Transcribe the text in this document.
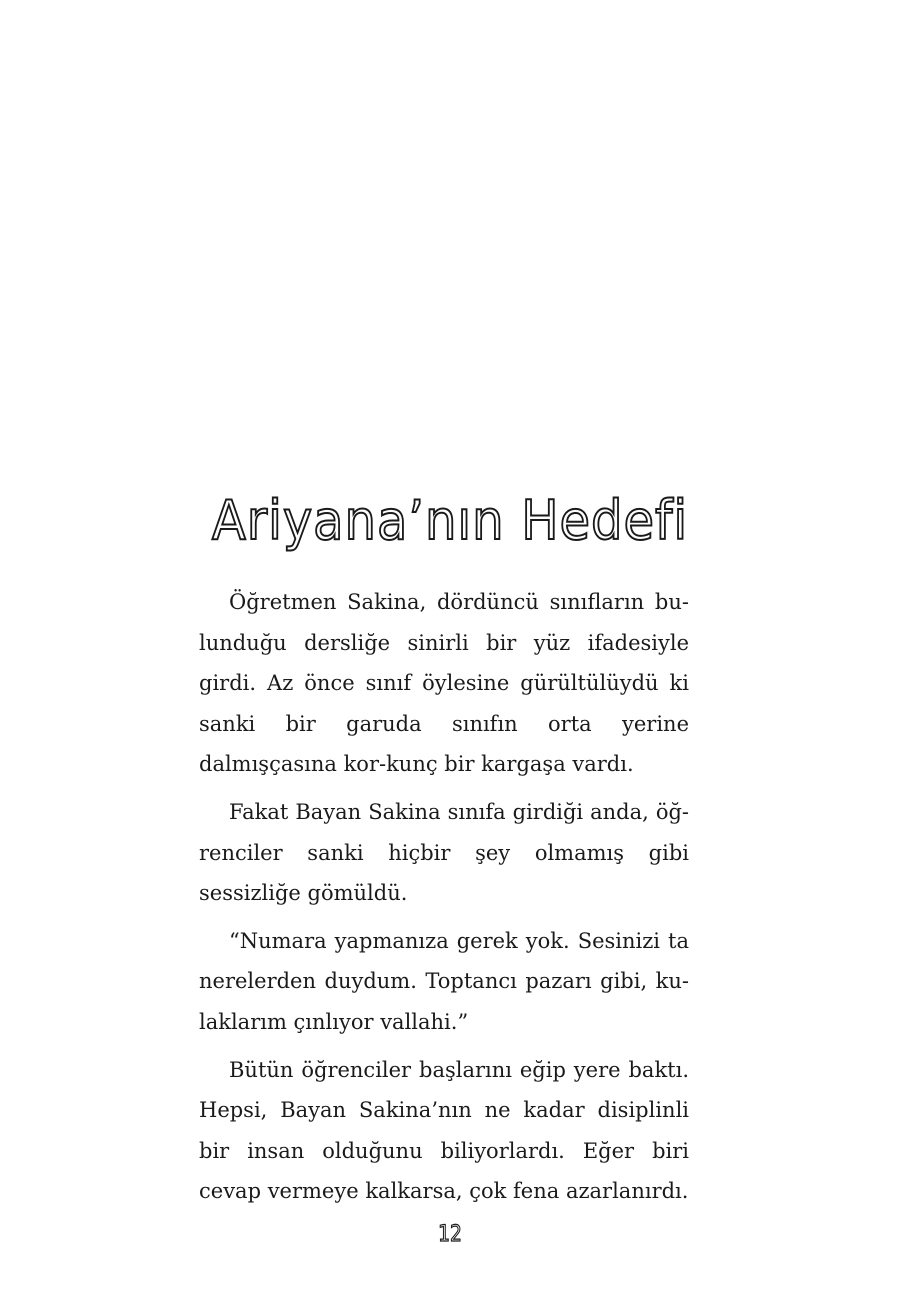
Ariyana’nın Hedefi

Öğretmen Sakina, dördüncü sınıfların bu-lunduğu dersliğe sinirli bir yüz ifadesiyle girdi. Az önce sınıf öylesine gürültülüydü ki sanki bir garuda sınıfın orta yerine dalmışçasına kor-kunç bir kargaşa vardı.

Fakat Bayan Sakina sınıfa girdiği anda, öğ-renciler sanki hiçbir şey olmamış gibi sessizliğe gömüldü.

“Numara yapmanıza gerek yok. Sesinizi ta nerelerden duydum. Toptancı pazarı gibi, ku-laklarım çınlıyor vallahi.”

Bütün öğrenciler başlarını eğip yere baktı. Hepsi, Bayan Sakina’nın ne kadar disiplinli bir insan olduğunu biliyorlardı. Eğer biri cevap vermeye kalkarsa, çok fena azarlanırdı.

12
